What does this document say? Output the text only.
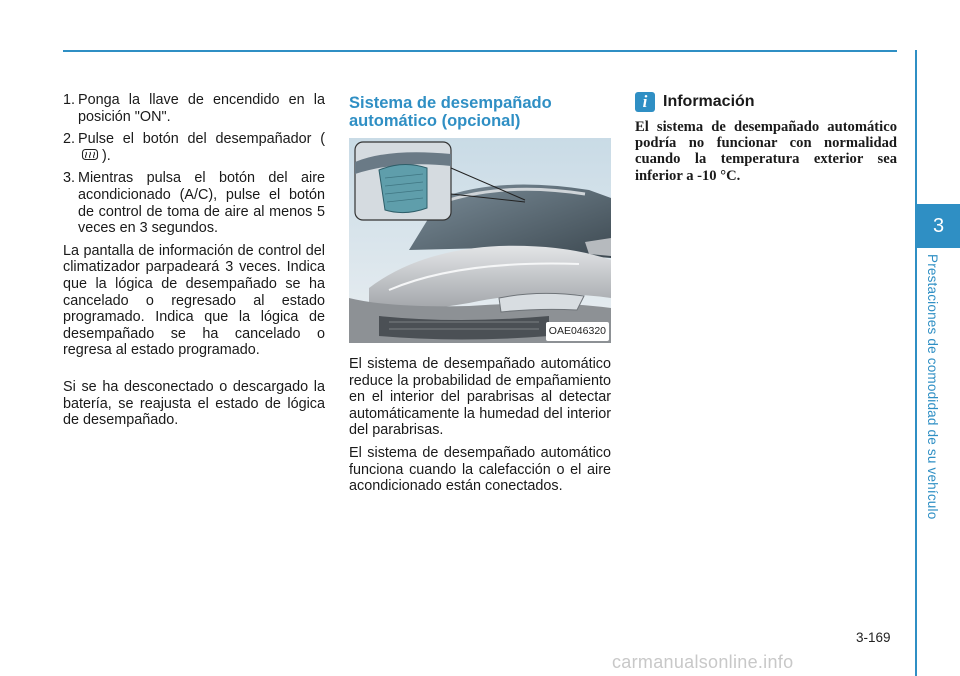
3
Prestaciones de comodidad de su vehículo
1. Ponga la llave de encendido en la posición "ON".
2. Pulse el botón del desempañador ().
3. Mientras pulsa el botón del aire acondicionado (A/C), pulse el botón de control de toma de aire al menos 5 veces en 3 segundos.

La pantalla de información de control del climatizador parpadeará 3 veces. Indica que la lógica de desempañado se ha cancelado o regresado al estado programado. Indica que la lógica de desempañado se ha cancelado o regresa al estado programado.

Si se ha desconectado o descargado la batería, se reajusta el estado de lógica de desempañado.

Sistema de desempañado automático (opcional)
OAE046320

El sistema de desempañado automático reduce la probabilidad de empañamiento en el interior del parabrisas al detectar automáticamente la humedad del interior del parabrisas.

El sistema de desempañado automático funciona cuando la calefacción o el aire acondicionado están conectados.

i Información

El sistema de desempañado automático podría no funcionar con normalidad cuando la temperatura exterior sea inferior a -10 °C.

3-169
carmanualsonline.info
